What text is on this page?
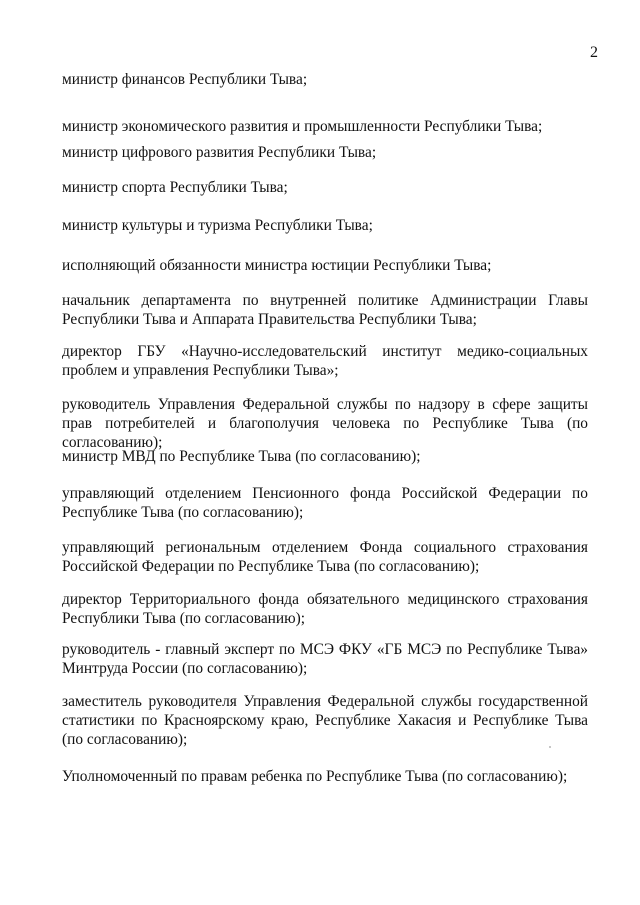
2
министр финансов Республики Тыва;
министр экономического развития и промышленности Республики Тыва;
министр цифрового развития Республики Тыва;
министр спорта Республики Тыва;
министр культуры и туризма Республики Тыва;
исполняющий обязанности министра юстиции Республики Тыва;
начальник департамента по внутренней политике Администрации Главы Республики Тыва и Аппарата Правительства Республики Тыва;
директор ГБУ «Научно-исследовательский институт медико-социальных проблем и управления Республики Тыва»;
руководитель Управления Федеральной службы по надзору в сфере защиты прав потребителей и благополучия человека по Республике Тыва (по согласованию);
министр МВД по Республике Тыва (по согласованию);
управляющий отделением Пенсионного фонда Российской Федерации по Республике Тыва (по согласованию);
управляющий региональным отделением Фонда социального страхования Российской Федерации по Республике Тыва (по согласованию);
директор Территориального фонда обязательного медицинского страхования Республики Тыва (по согласованию);
руководитель - главный эксперт по МСЭ ФКУ «ГБ МСЭ по Республике Тыва» Минтруда России (по согласованию);
заместитель руководителя Управления Федеральной службы государственной статистики по Красноярскому краю, Республике Хакасия и Республике Тыва (по согласованию);
Уполномоченный по правам ребенка по Республике Тыва (по согласованию);
